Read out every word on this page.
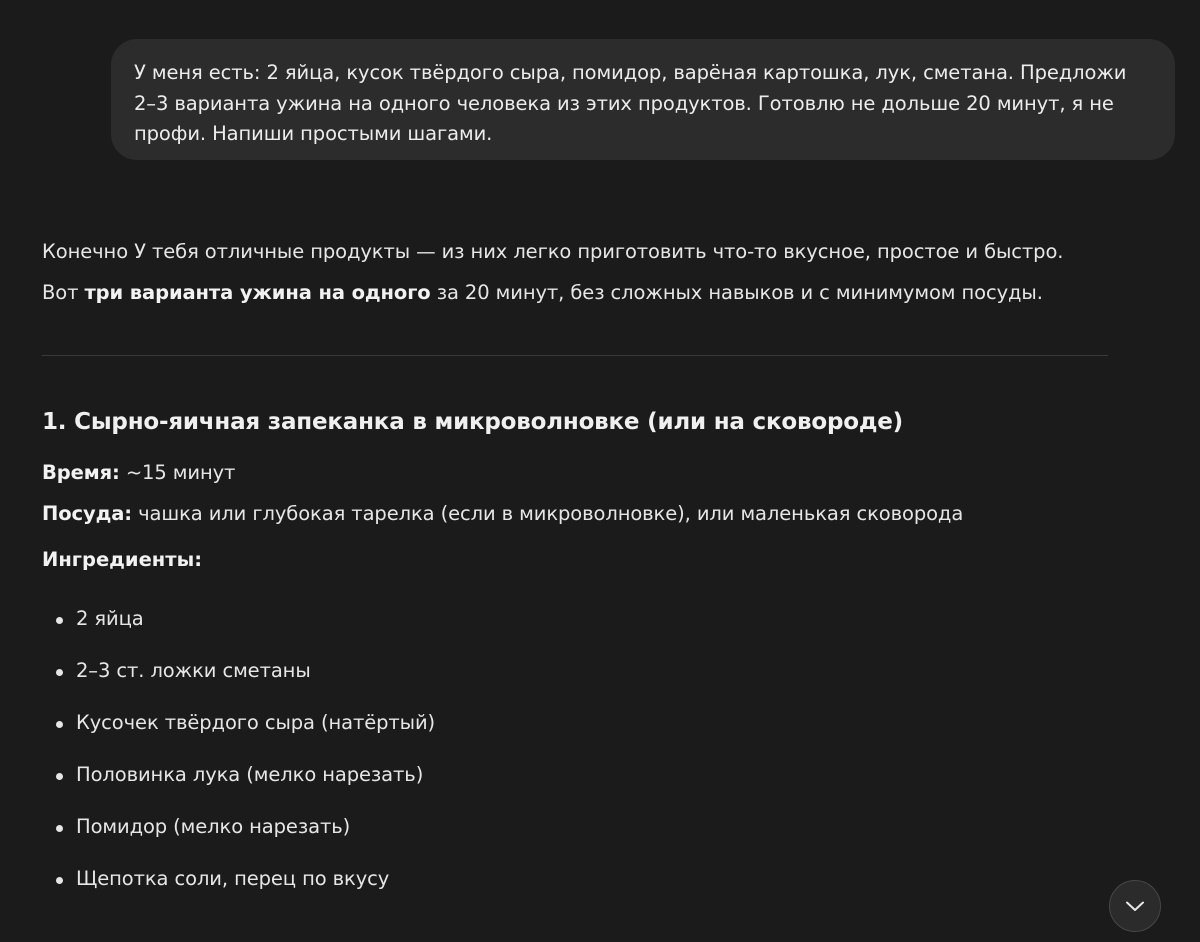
У меня есть: 2 яйца, кусок твёрдого сыра, помидор, варёная картошка, лук, сметана. Предложи 2–3 варианта ужина на одного человека из этих продуктов. Готовлю не дольше 20 минут, я не профи. Напиши простыми шагами.

Конечно У тебя отличные продукты — из них легко приготовить что-то вкусное, простое и быстро.

Вот три варианта ужина на одного за 20 минут, без сложных навыков и с минимумом посуды.

1. Сырно-яичная запеканка в микроволновке (или на сковороде)

Время: ~15 минут

Посуда: чашка или глубокая тарелка (если в микроволновке), или маленькая сковорода

Ингредиенты:

2 яйца
2–3 ст. ложки сметаны
Кусочек твёрдого сыра (натёртый)
Половинка лука (мелко нарезать)
Помидор (мелко нарезать)
Щепотка соли, перец по вкусу
